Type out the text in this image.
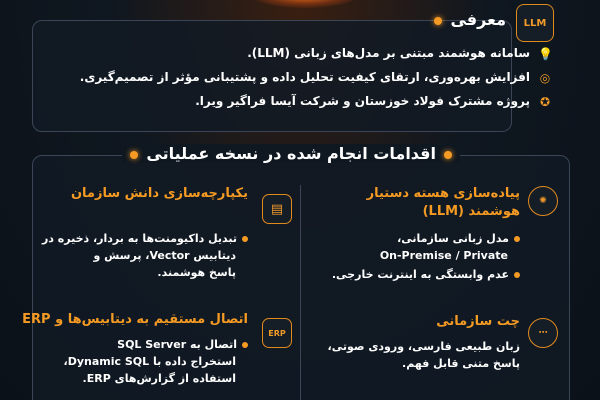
LLM
معرفی
💡
سامانه هوشمند مبتنی بر مدل‌های زبانی (LLM).
◎
افزایش بهره‌وری، ارتقای کیفیت تحلیل داده و پشتیبانی مؤثر از تصمیم‌گیری.
✪
پروژه مشترک فولاد خوزستان و شرکت آیسا فراگیر ویرا.
اقدامات انجام شده در نسخه عملیاتی
✺
پیاده‌سازی هسته دستیار
هوشمند (LLM)
مدل زبانی سازمانی،
On-Premise / Private
عدم وابستگی به اینترنت خارجی.
▤
یکپارچه‌سازی دانش سازمان
تبدیل داکیومنت‌ها به بردار، ذخیره در
دیتابیس Vector، پرسش و
پاسخ هوشمند.
⋯
چت سازمانی
زبان طبیعی فارسی، ورودی صوتی،
پاسخ متنی قابل فهم.
ERP
اتصال مستقیم به دیتابیس‌ها و ERP
اتصال به SQL Server
استخراج داده با Dynamic SQL،
استفاده از گزارش‌های ERP.
